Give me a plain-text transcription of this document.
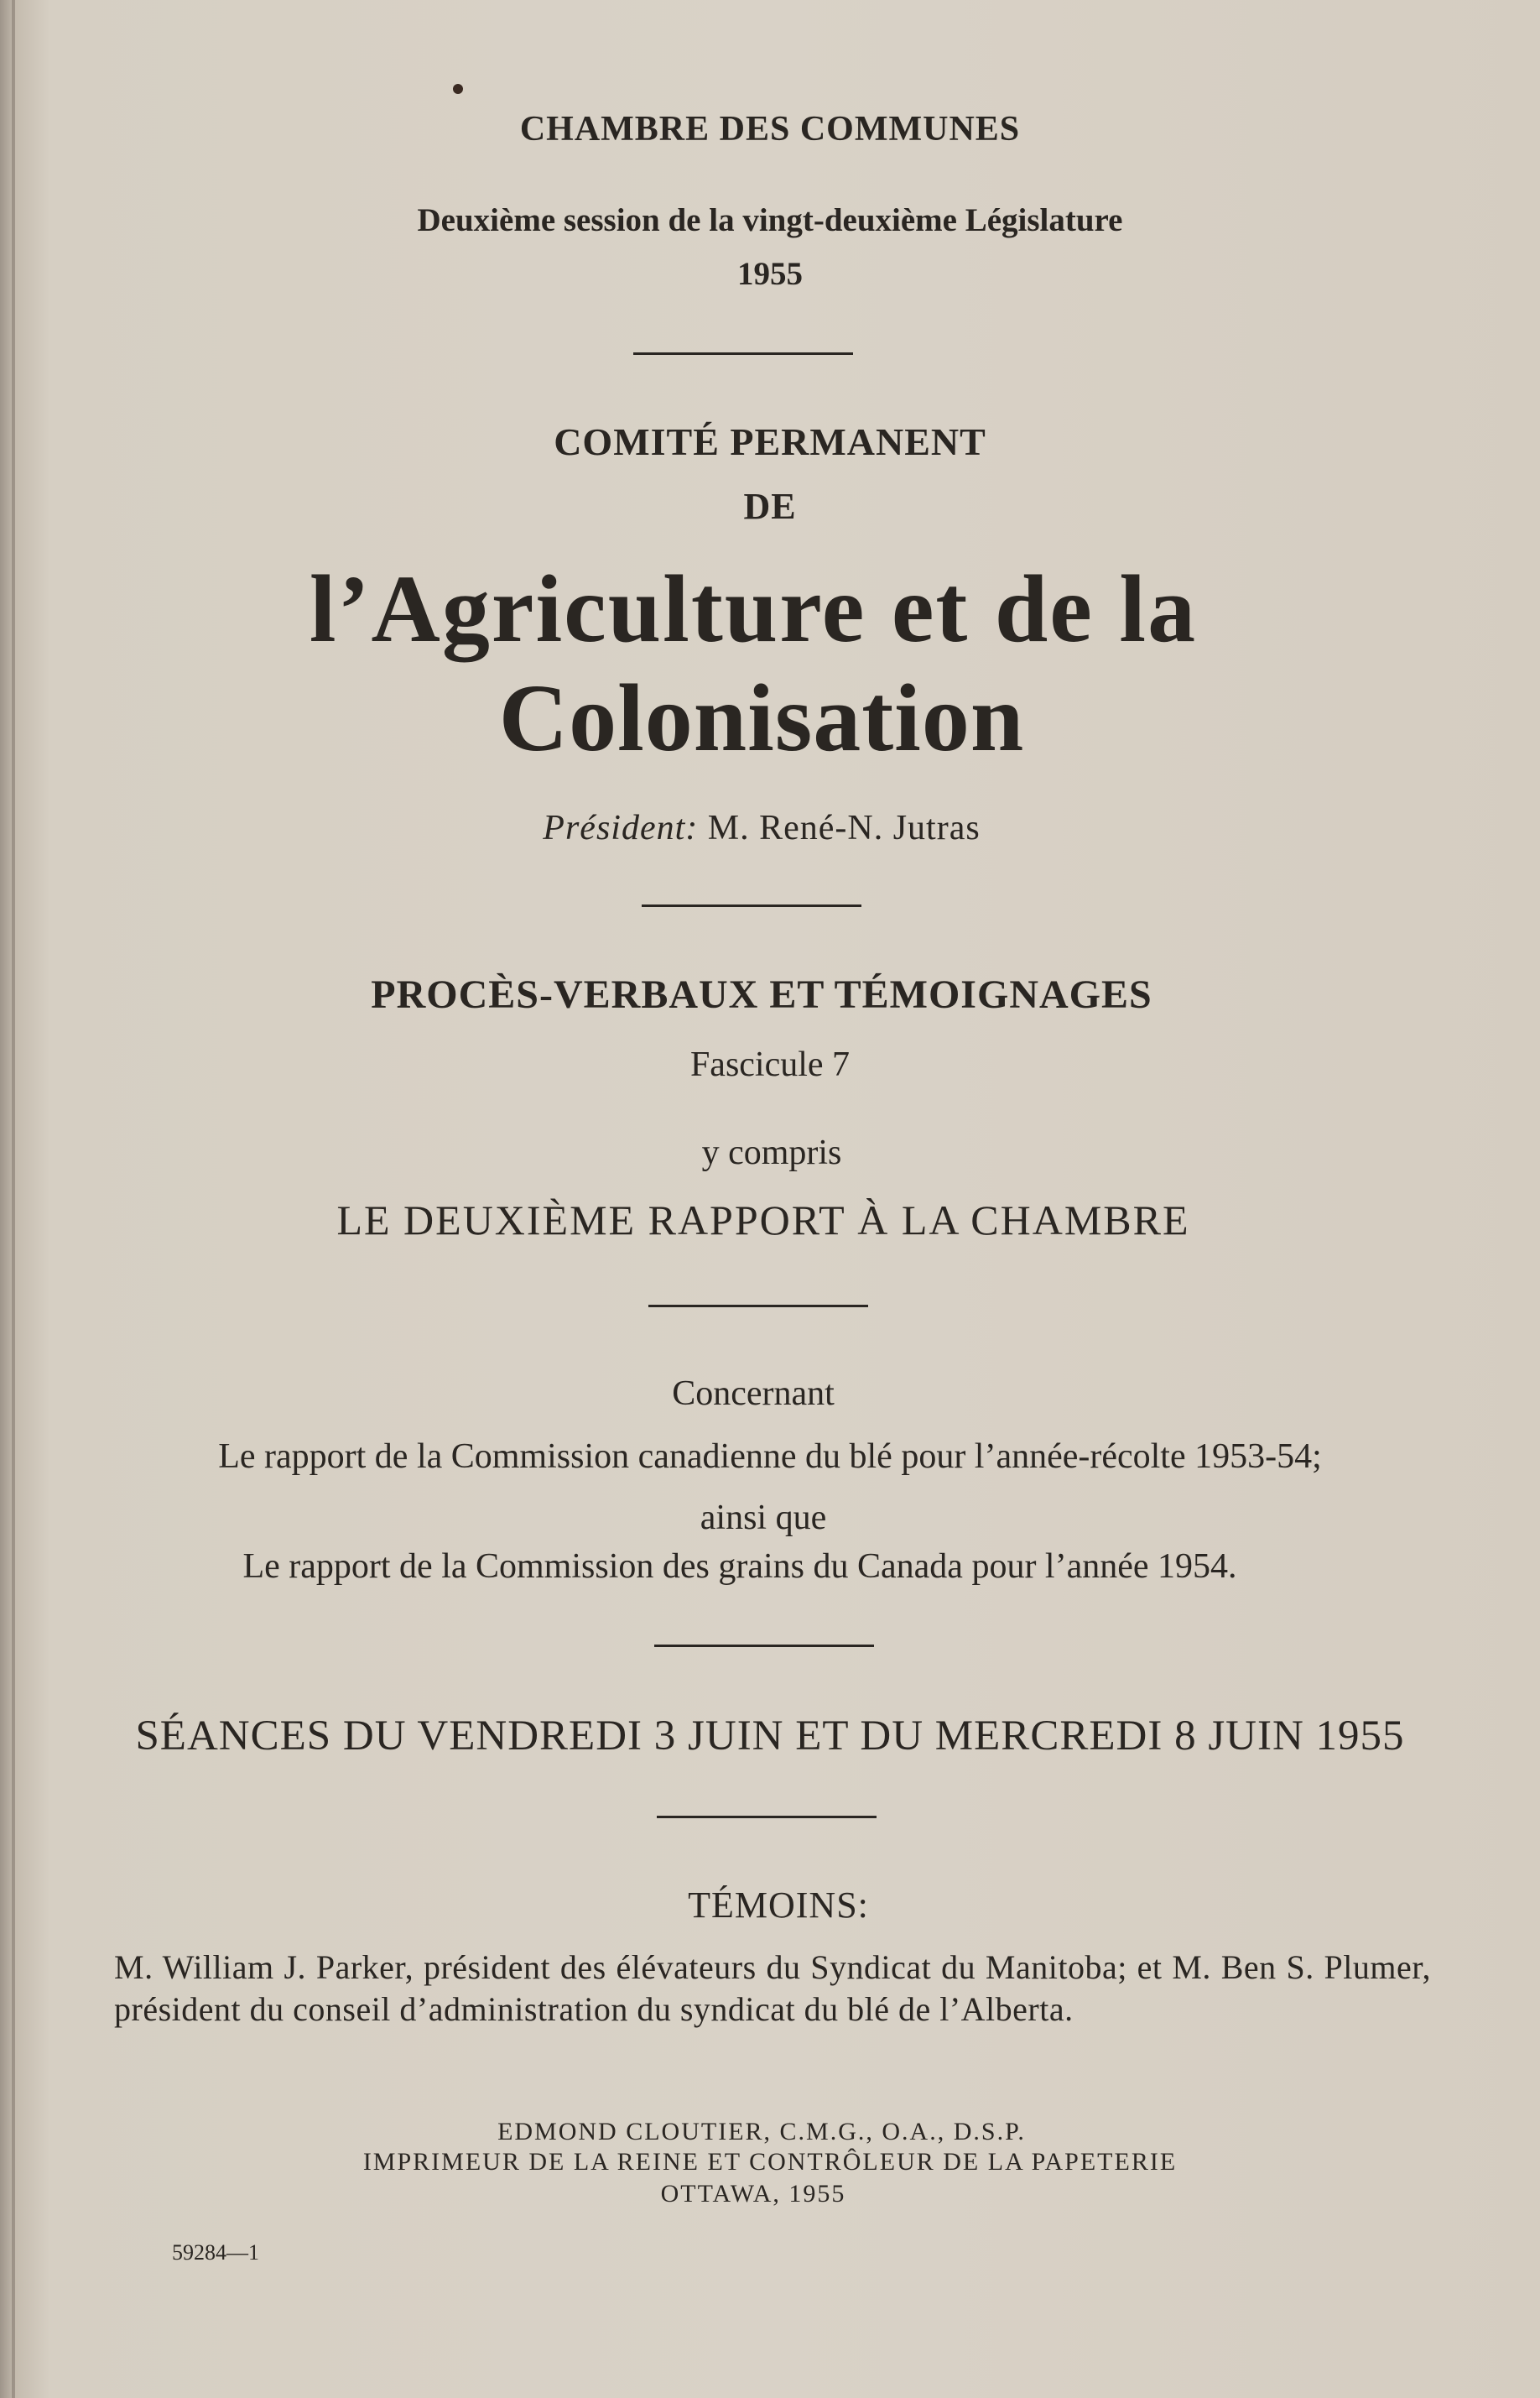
CHAMBRE DES COMMUNES
Deuxième session de la vingt-deuxième Législature
1955
COMITÉ PERMANENT
DE
l’Agriculture et de la
Colonisation
Président: M. René-N. Jutras
PROCÈS-VERBAUX ET TÉMOIGNAGES
Fascicule 7
y compris
LE DEUXIÈME RAPPORT À LA CHAMBRE
Concernant
Le rapport de la Commission canadienne du blé pour l’année-récolte 1953-54;
ainsi que
Le rapport de la Commission des grains du Canada pour l’année 1954.
SÉANCES DU VENDREDI 3 JUIN ET DU MERCREDI 8 JUIN 1955
TÉMOINS:
M. William J. Parker, président des élévateurs du Syndicat du Manitoba; et M. Ben S. Plumer, président du conseil d’administration du syndicat du blé de l’Alberta.
EDMOND CLOUTIER, C.M.G., O.A., D.S.P.
IMPRIMEUR DE LA REINE ET CONTRÔLEUR DE LA PAPETERIE
OTTAWA, 1955
59284—1
